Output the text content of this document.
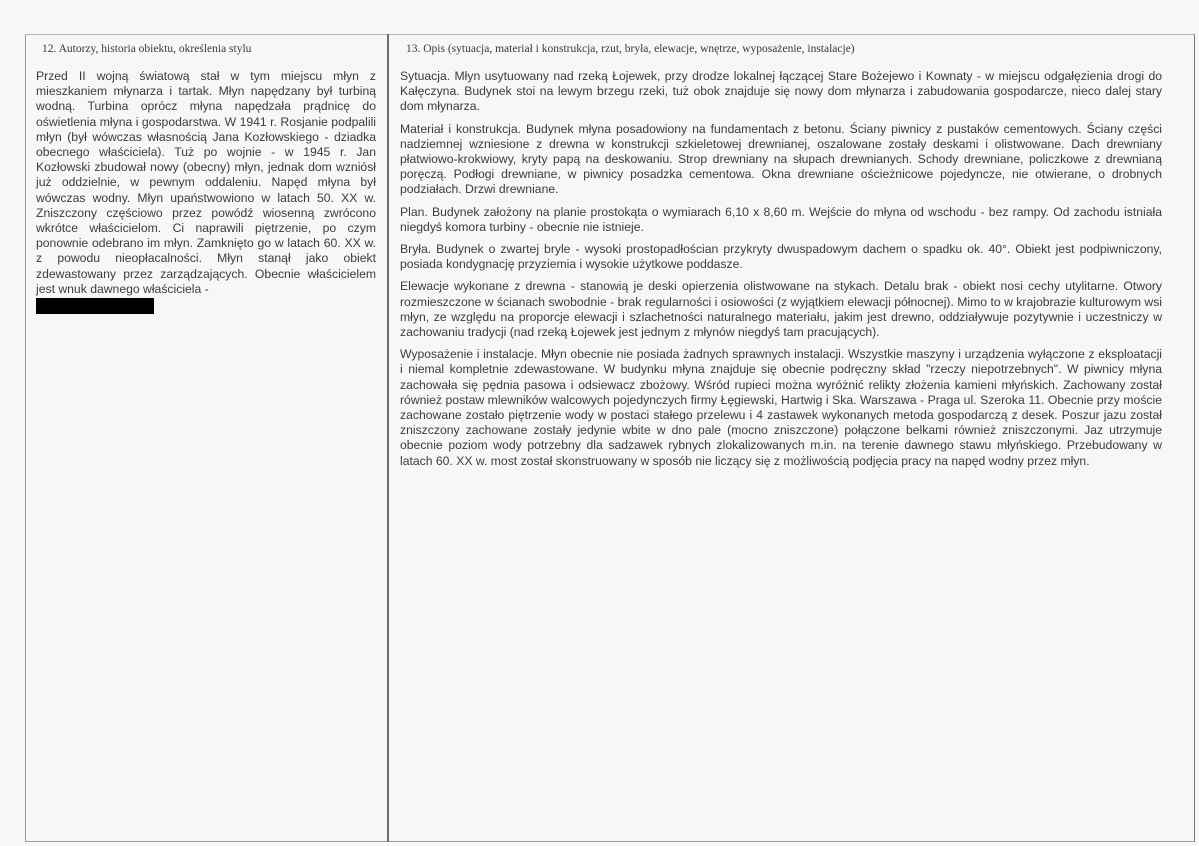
12. Autorzy, historia obiektu, określenia stylu

Przed II wojną światową stał w tym miejscu młyn z mieszkaniem młynarza i tartak. Młyn napędzany był turbiną wodną. Turbina oprócz młyna napędzała prądnicę do oświetlenia młyna i gospodarstwa. W 1941 r. Rosjanie podpalili młyn (był wówczas własnością Jana Kozłowskiego - dziadka obecnego właściciela). Tuż po wojnie - w 1945 r. Jan Kozłowski zbudował nowy (obecny) młyn, jednak dom wzniósł już oddzielnie, w pewnym oddaleniu. Napęd młyna był wówczas wodny. Młyn upaństwowiono w latach 50. XX w. Zniszczony częściowo przez powódź wiosenną zwrócono wkrótce właścicielom. Ci naprawili piętrzenie, po czym ponownie odebrano im młyn. Zamknięto go w latach 60. XX w. z powodu nieopłacalności. Młyn stanął jako obiekt zdewastowany przez zarządzających. Obecnie właścicielem jest wnuk dawnego właściciela -

13. Opis (sytuacja, materiał i konstrukcja, rzut, bryła, elewacje, wnętrze, wyposażenie, instalacje)

Sytuacja. Młyn usytuowany nad rzeką Łojewek, przy drodze lokalnej łączącej Stare Bożejewo i Kownaty - w miejscu odgałęzienia drogi do Kałęczyna. Budynek stoi na lewym brzegu rzeki, tuż obok znajduje się nowy dom młynarza i zabudowania gospodarcze, nieco dalej stary dom młynarza.

Materiał i konstrukcja. Budynek młyna posadowiony na fundamentach z betonu. Ściany piwnicy z pustaków cementowych. Ściany części nadziemnej wzniesione z drewna w konstrukcji szkieletowej drewnianej, oszalowane zostały deskami i olistwowane. Dach drewniany płatwiowo-krokwiowy, kryty papą na deskowaniu. Strop drewniany na słupach drewnianych. Schody drewniane, policzkowe z drewnianą poręczą. Podłogi drewniane, w piwnicy posadzka cementowa. Okna drewniane ościeżnicowe pojedyncze, nie otwierane, o drobnych podziałach. Drzwi drewniane.

Plan. Budynek założony na planie prostokąta o wymiarach 6,10 x 8,60 m. Wejście do młyna od wschodu - bez rampy. Od zachodu istniała niegdyś komora turbiny - obecnie nie istnieje.

Bryła. Budynek o zwartej bryle - wysoki prostopadłościan przykryty dwuspadowym dachem o spadku ok. 40°. Obiekt jest podpiwniczony, posiada kondygnację przyziemia i wysokie użytkowe poddasze.

Elewacje wykonane z drewna - stanowią je deski opierzenia olistwowane na stykach. Detalu brak - obiekt nosi cechy utylitarne. Otwory rozmieszczone w ścianach swobodnie - brak regularności i osiowości (z wyjątkiem elewacji północnej). Mimo to w krajobrazie kulturowym wsi młyn, ze względu na proporcje elewacji i szlachetności naturalnego materiału, jakim jest drewno, oddziaływuje pozytywnie i uczestniczy w zachowaniu tradycji (nad rzeką Łojewek jest jednym z młynów niegdyś tam pracujących).

Wyposażenie i instalacje. Młyn obecnie nie posiada żadnych sprawnych instalacji. Wszystkie maszyny i urządzenia wyłączone z eksploatacji i niemal kompletnie zdewastowane. W budynku młyna znajduje się obecnie podręczny skład "rzeczy niepotrzebnych". W piwnicy młyna zachowała się pędnia pasowa i odsiewacz zbożowy. Wśród rupieci można wyróżnić relikty złożenia kamieni młyńskich. Zachowany został również postaw mlewników walcowych pojedynczych firmy Łęgiewski, Hartwig i Ska. Warszawa - Praga ul. Szeroka 11. Obecnie przy moście zachowane zostało piętrzenie wody w postaci stałego przelewu i 4 zastawek wykonanych metoda gospodarczą z desek. Poszur jazu został zniszczony zachowane zostały jedynie wbite w dno pale (mocno zniszczone) połączone belkami również zniszczonymi. Jaz utrzymuje obecnie poziom wody potrzebny dla sadzawek rybnych zlokalizowanych m.in. na terenie dawnego stawu młyńskiego. Przebudowany w latach 60. XX w. most został skonstruowany w sposób nie liczący się z możliwością podjęcia pracy na napęd wodny przez młyn.
